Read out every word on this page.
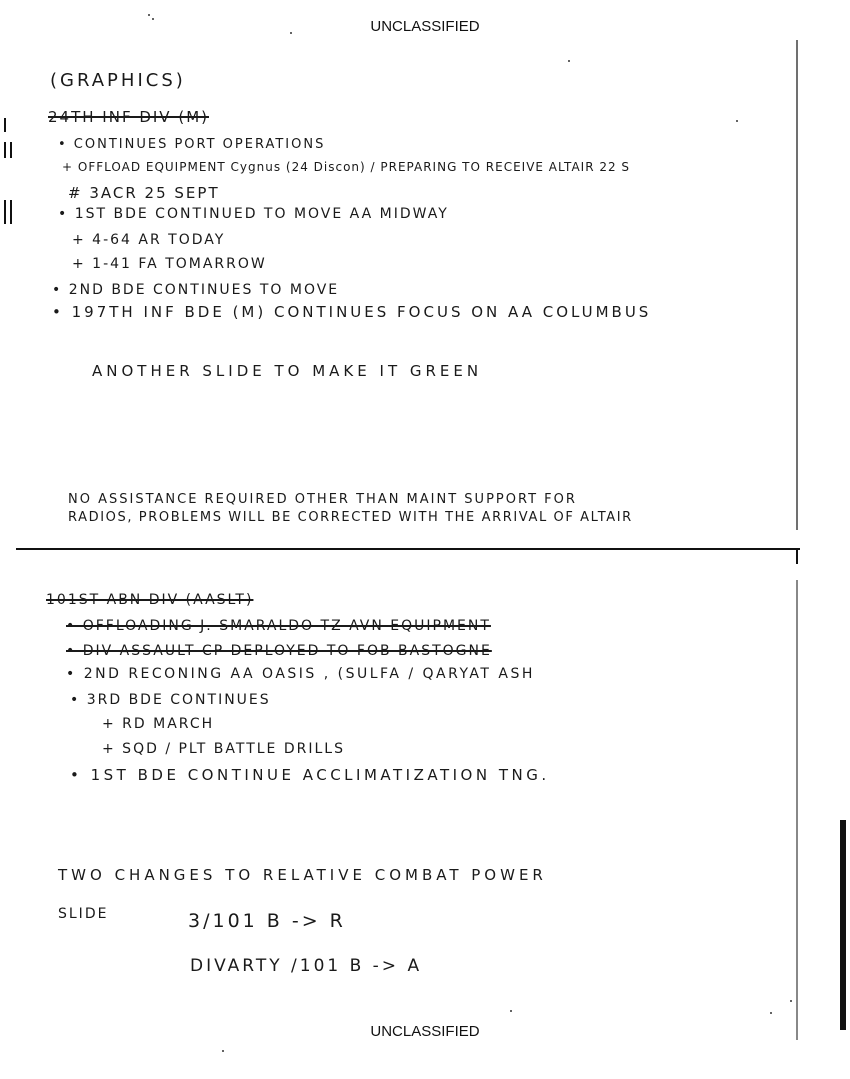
UNCLASSIFIED
(GRAPHICS)
24TH INF DIV (M)
• CONTINUES PORT OPERATIONS
+ OFFLOAD EQUIPMENT Cygnus (24 Discon) / PREPARING TO RECEIVE ALTAIR 22 S
# 3ACR 25 SEPT
• 1ST BDE CONTINUED TO MOVE AA MIDWAY
+ 4-64 AR TODAY
+ 1-41 FA TOMARROW
• 2ND BDE CONTINUES TO MOVE
• 197TH INF BDE (M) CONTINUES FOCUS ON AA COLUMBUS
ANOTHER SLIDE TO MAKE IT GREEN
NO ASSISTANCE REQUIRED OTHER THAN MAINT SUPPORT FOR
RADIOS, PROBLEMS WILL BE CORRECTED WITH THE ARRIVAL OF ALTAIR
101ST ABN DIV (AASLT)
• OFFLOADING J. SMARALDO TZ AVN EQUIPMENT
• DIV ASSAULT CP DEPLOYED TO FOB BASTOGNE
• 2ND RECONING AA OASIS , (SULFA / QARYAT ASH
• 3RD BDE CONTINUES
+ RD MARCH
+ SQD / PLT BATTLE DRILLS
• 1ST BDE CONTINUE ACCLIMATIZATION TNG.
TWO CHANGES TO RELATIVE COMBAT POWER
SLIDE	3/101 B -> R
DIVARTY /101 B -> A
UNCLASSIFIED
